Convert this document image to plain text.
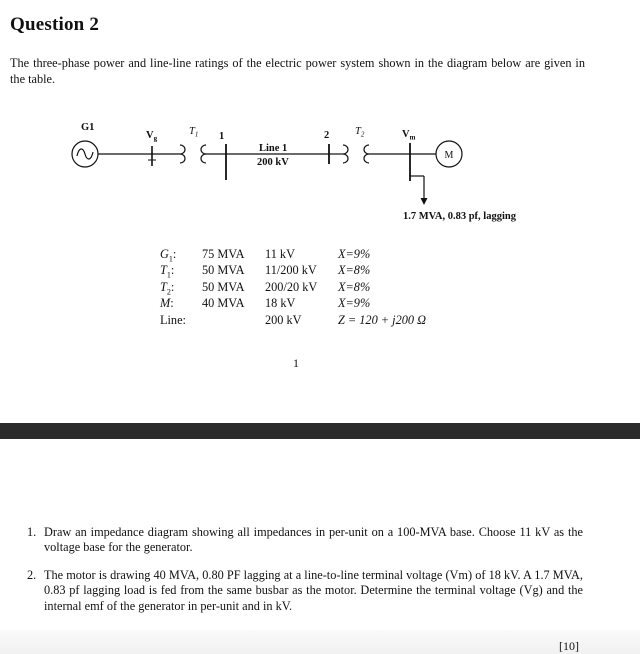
Question 2

The three-phase power and line-line ratings of the electric power system shown in the diagram below are given in the table.

G1
$V_g$
$T_1$ 1
Line 1
200 kV
2 $T_2$	$V_m$
M
1.7 MVA, 0.83 pf, lagging
$G_1$:	75 MVA	11 kV	X=9%
$T_1$:	50 MVA	11/200 kV	X=8%
$T_2$:	50 MVA	200/20 kV	X=8%
M:	40 MVA	18 kV	X=9%
Line:		200 kV	Z = 120 + j200 Ω
1
1. Draw an impedance diagram showing all impedances in per-unit on a 100-MVA base. Choose 11 kV as the voltage base for the generator.
2. The motor is drawing 40 MVA, 0.80 PF lagging at a line-to-line terminal voltage (Vm) of 18 kV. A 1.7 MVA, 0.83 pf lagging load is fed from the same busbar as the motor. Determine the terminal voltage (Vg) and the internal emf of the generator in per-unit and in kV.
[10]
